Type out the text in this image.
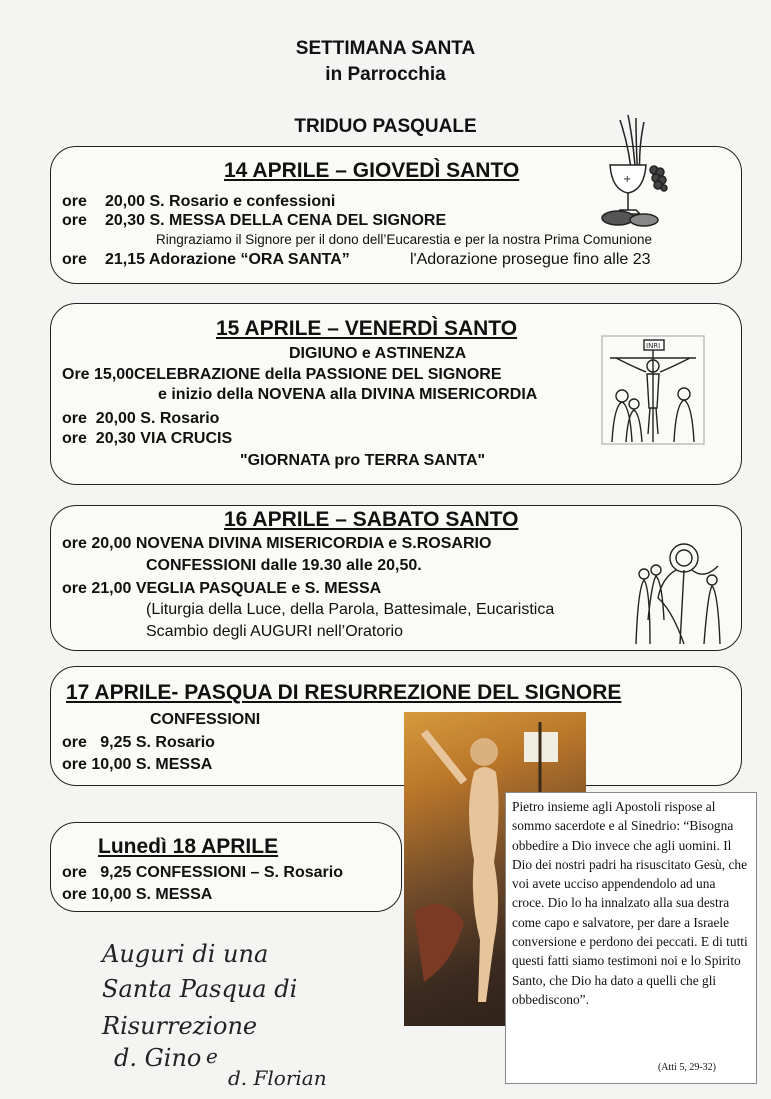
SETTIMANA SANTA
in Parrocchia
TRIDUO PASQUALE
14 APRILE – GIOVEDÌ SANTO
ore 20,00 S. Rosario e confessioni
ore 20,30 S. MESSA DELLA CENA DEL SIGNORE
Ringraziamo il Signore per il dono dell’Eucarestia e per la nostra Prima Comunione
ore 21,15 Adorazione “ORA SANTA”	l'Adorazione prosegue fino alle 23
+
15 APRILE – VENERDÌ SANTO
DIGIUNO e ASTINENZA
Ore 15,00CELEBRAZIONE della PASSIONE DEL SIGNORE
e inizio della NOVENA alla DIVINA MISERICORDIA
ore  20,00 S. Rosario
ore  20,30 VIA CRUCIS
"GIORNATA pro TERRA SANTA"
INRI
16 APRILE – SABATO SANTO
ore 20,00 NOVENA DIVINA MISERICORDIA e S.ROSARIO
CONFESSIONI dalle 19.30 alle 20,50.
ore 21,00 VEGLIA PASQUALE e S. MESSA
(Liturgia della Luce, della Parola, Battesimale, Eucaristica
Scambio degli AUGURI nell’Oratorio
17 APRILE- PASQUA DI RESURREZIONE DEL SIGNORE
CONFESSIONI
ore   9,25 S. Rosario
ore 10,00 S. MESSA
Lunedì 18 APRILE
ore   9,25 CONFESSIONI – S. Rosario
ore 10,00 S. MESSA
Pietro insieme agli Apostoli rispose al sommo sacerdote e al Sinedrio: “Bisogna obbedire a Dio invece che agli uomini. Il Dio dei nostri padri ha risuscitato Gesù, che voi avete ucciso appendendolo ad una croce. Dio lo ha innalzato alla sua destra come capo e salvatore, per dare a Israele conversione e perdono dei peccati. E di tutti questi fatti siamo testimoni noi e lo Spirito Santo, che Dio ha dato a quelli che gli obbediscono”.
(Atti 5, 29-32)
Auguri di una
Santa Pasqua di
Risurrezione
d. Gino e
d. Florian
